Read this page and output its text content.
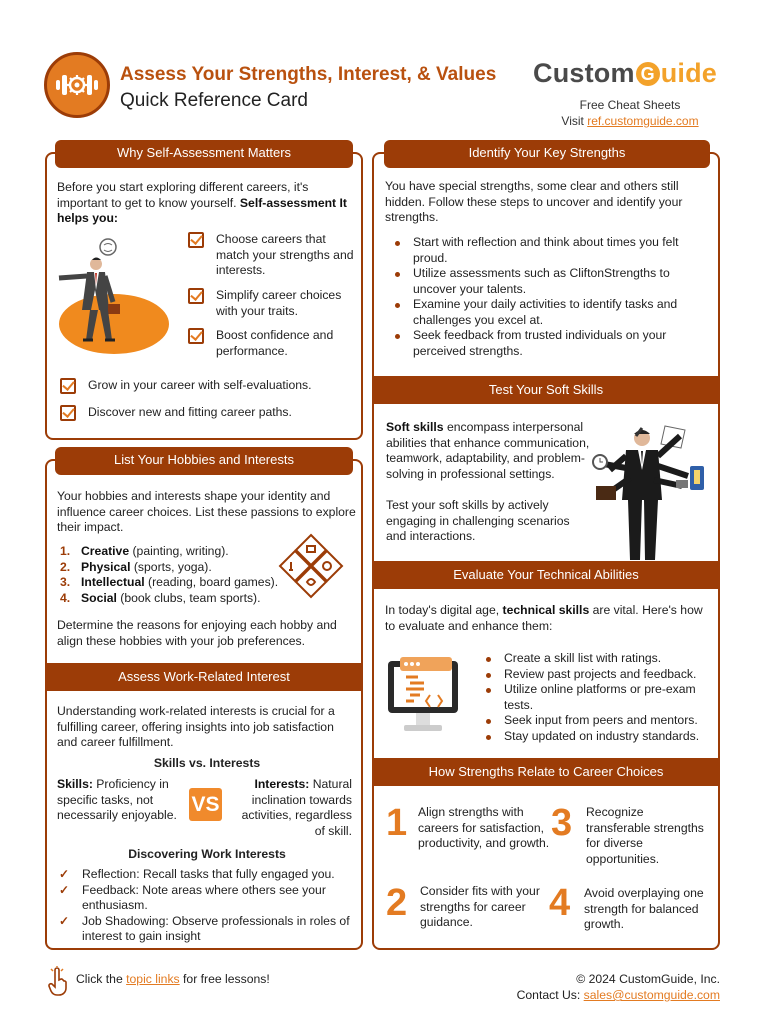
Assess Your Strengths, Interest, & Values
Quick Reference Card
Custom G uide
Free Cheat Sheets
Visit ref.customguide.com
Why Self-Assessment Matters
Before you start exploring different careers, it's important to get to know yourself. Self-assessment It helps you:
Choose careers that match your strengths and interests.
Simplify career choices with your traits.
Boost confidence and performance.
Grow in your career with self-evaluations.
Discover new and fitting career paths.
List Your Hobbies and Interests
Your hobbies and interests shape your identity and influence career choices. List these passions to explore their impact.
1. Creative (painting, writing).
2. Physical (sports, yoga).
3. Intellectual (reading, board games).
4. Social (book clubs, team sports).
Determine the reasons for enjoying each hobby and align these hobbies with your job preferences.
Assess Work-Related Interest
Understanding work-related interests is crucial for a fulfilling career, offering insights into job satisfaction and career fulfillment.
Skills vs. Interests
Skills: Proficiency in specific tasks, not necessarily enjoyable. VS
Interests: Natural inclination towards activities, regardless of skill.
Discovering Work Interests
✓ Reflection: Recall tasks that fully engaged you.
✓ Feedback: Note areas where others see your enthusiasm.
✓ Job Shadowing: Observe professionals in roles of interest to gain insight
Identify Your Key Strengths
You have special strengths, some clear and others still hidden. Follow these steps to uncover and identify your strengths.
Start with reflection and think about times you felt proud.
Utilize assessments such as CliftonStrengths to uncover your talents.
Examine your daily activities to identify tasks and challenges you excel at.
Seek feedback from trusted individuals on your perceived strengths.
Test Your Soft Skills
Soft skills encompass interpersonal abilities that enhance communication, teamwork, adaptability, and problem-solving in professional settings.
Test your soft skills by actively engaging in challenging scenarios and interactions.
Evaluate Your Technical Abilities
In today's digital age, technical skills are vital. Here's how to evaluate and enhance them:
Create a skill list with ratings.
Review past projects and feedback.
Utilize online platforms or pre-exam tests.
Seek input from peers and mentors.
Stay updated on industry standards.
How Strengths Relate to Career Choices
1 Align strengths with careers for satisfaction, productivity, and growth. 3 Recognize transferable strengths for diverse opportunities.
2 Consider fits with your strengths for career guidance.	4 Avoid overplaying one strength for balanced growth.
Click the topic links for free lessons!	© 2024 CustomGuide, Inc.
Contact Us: sales@customguide.com
